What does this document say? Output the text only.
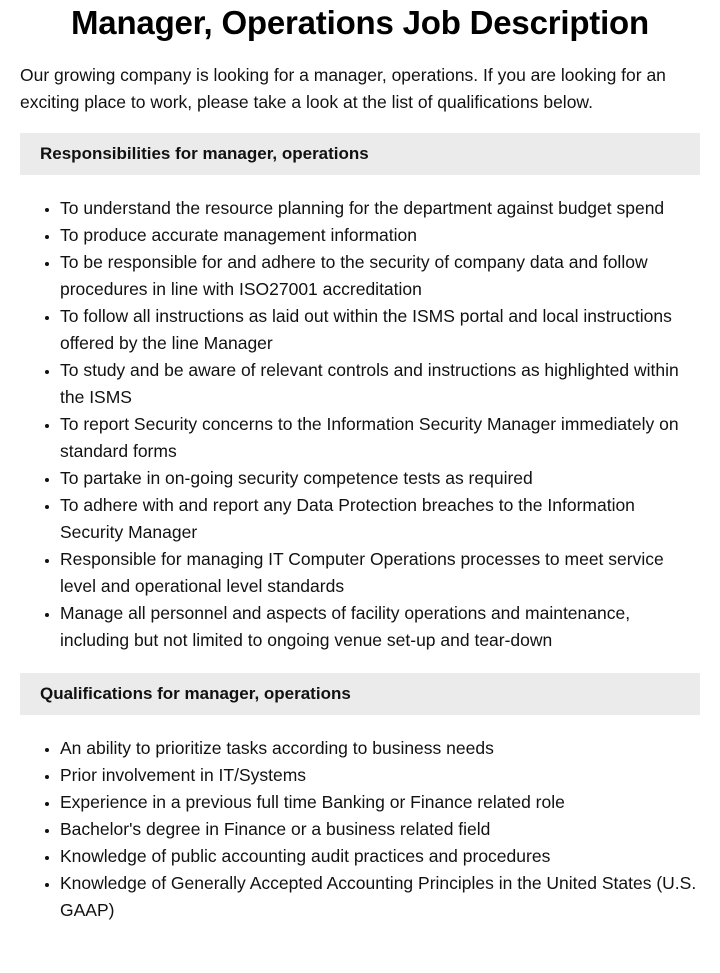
Manager, Operations Job Description

Our growing company is looking for a manager, operations. If you are looking for an exciting place to work, please take a look at the list of qualifications below.

Responsibilities for manager, operations
• To understand the resource planning for the department against budget spend
• To produce accurate management information
• To be responsible for and adhere to the security of company data and follow procedures in line with ISO27001 accreditation
• To follow all instructions as laid out within the ISMS portal and local instructions offered by the line Manager
• To study and be aware of relevant controls and instructions as highlighted within the ISMS
• To report Security concerns to the Information Security Manager immediately on standard forms
• To partake in on-going security competence tests as required
• To adhere with and report any Data Protection breaches to the Information Security Manager
• Responsible for managing IT Computer Operations processes to meet service level and operational level standards
• Manage all personnel and aspects of facility operations and maintenance, including but not limited to ongoing venue set-up and tear-down
Qualifications for manager, operations
• An ability to prioritize tasks according to business needs
• Prior involvement in IT/Systems
• Experience in a previous full time Banking or Finance related role
• Bachelor's degree in Finance or a business related field
• Knowledge of public accounting audit practices and procedures
• Knowledge of Generally Accepted Accounting Principles in the United States (U.S. GAAP)
